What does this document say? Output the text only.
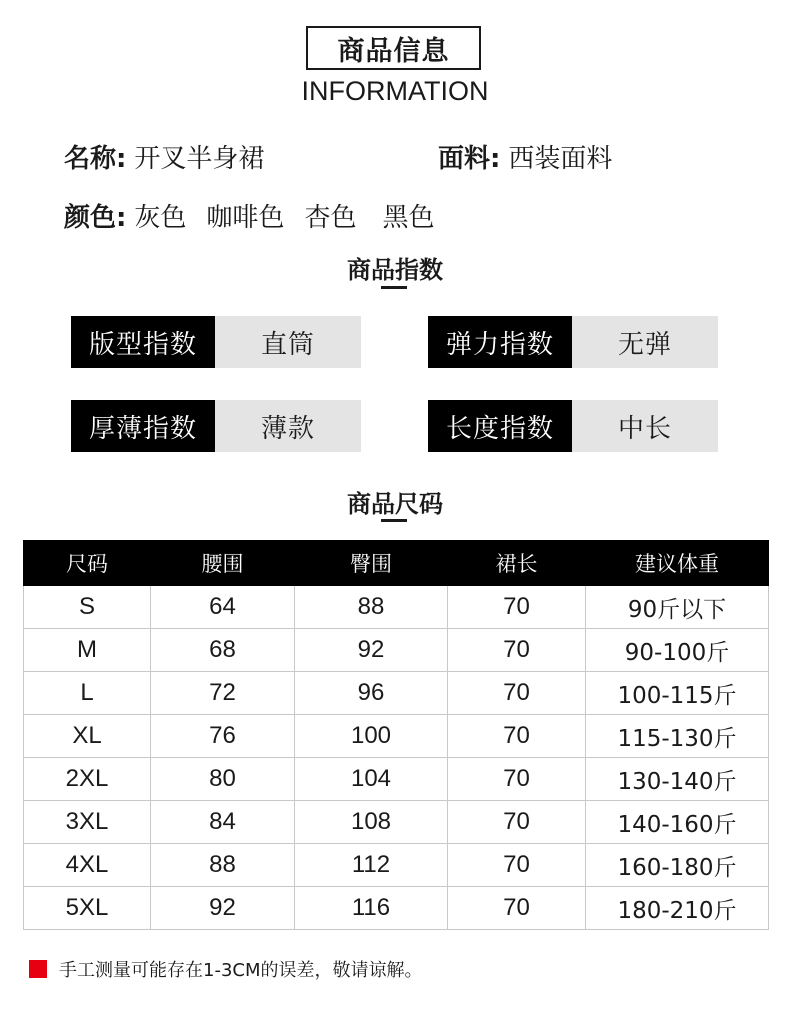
商品信息
INFORMATION
名称: 开叉半身裙	面料: 西装面料
颜色: 灰色 咖啡色 杏色 黑色
商品指数
版型指数	直筒	弹力指数	无弹
厚薄指数	薄款	长度指数	中长
商品尺码
尺码	腰围	臀围	裙长	建议体重
S	64	88	70	90斤以下
M	68	92	70	90-100斤
L	72	96	70	100-115斤
XL	76	100	70	115-130斤
2XL	80	104	70	130-140斤
3XL	84	108	70	140-160斤
4XL	88	112	70	160-180斤
5XL	92	116	70	180-210斤
手工测量可能存在1-3CM的误差，敬请谅解。
